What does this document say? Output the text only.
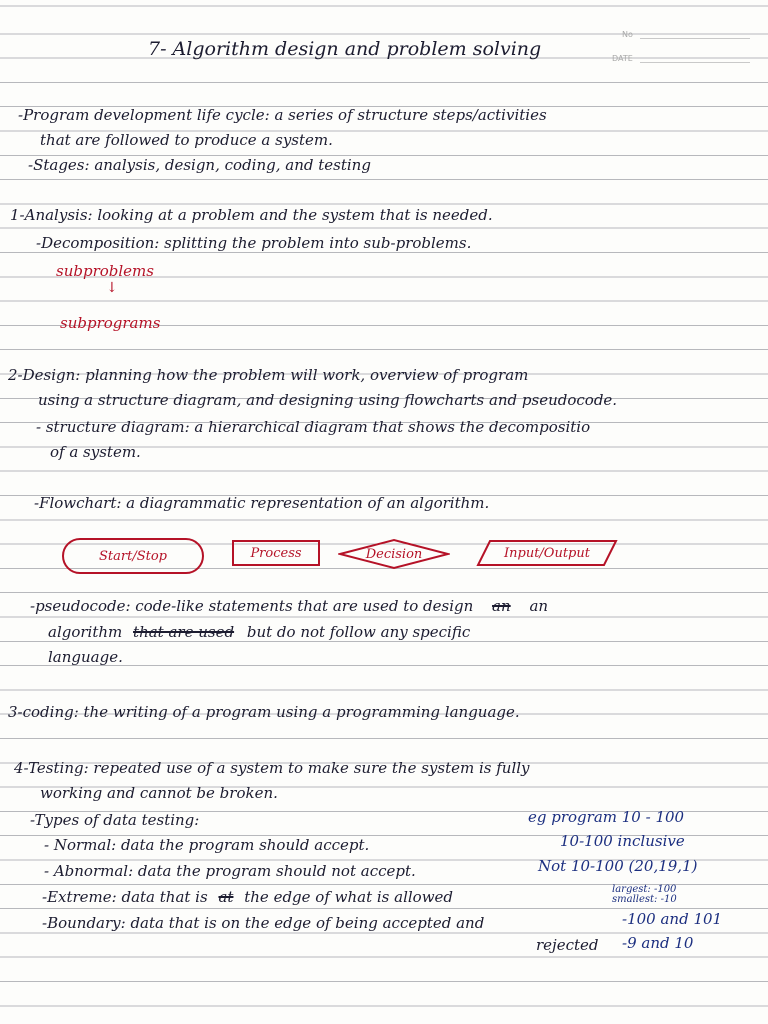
No
DATE
7- Algorithm design and problem solving
-Program development life cycle: a series of structure steps/activities
that are followed to produce a system.
-Stages: analysis, design, coding, and testing
1-Analysis: looking at a problem and the system that is needed.
-Decomposition: splitting the problem into sub-problems.
subproblems
↓
subprograms
2-Design: planning how the problem will work, overview of program
using a structure diagram, and designing using flowcharts and pseudocode.
- structure diagram: a hierarchical diagram that shows the decompositio
of a system.
-Flowchart: a diagrammatic representation of an algorithm.
Start/Stop	Process	Decision	Input/Output
-pseudocode: code-like statements that are used to design an an
algorithm that are used but do not follow any specific
language.
3-coding: the writing of a program using a programming language.
4-Testing: repeated use of a system to make sure the system is fully
working and cannot be broken.
-Types of data testing:	eg program 10 - 100
- Normal: data the program should accept.	10-100 inclusive
- Abnormal: data the program should not accept.	Not 10-100 (20,19,1)
-Extreme: data that is at the edge of what is allowed	largest: -100
smallest: -10
-Boundary: data that is on the edge of being accepted and
rejected
-100 and 101
-9 and 10
